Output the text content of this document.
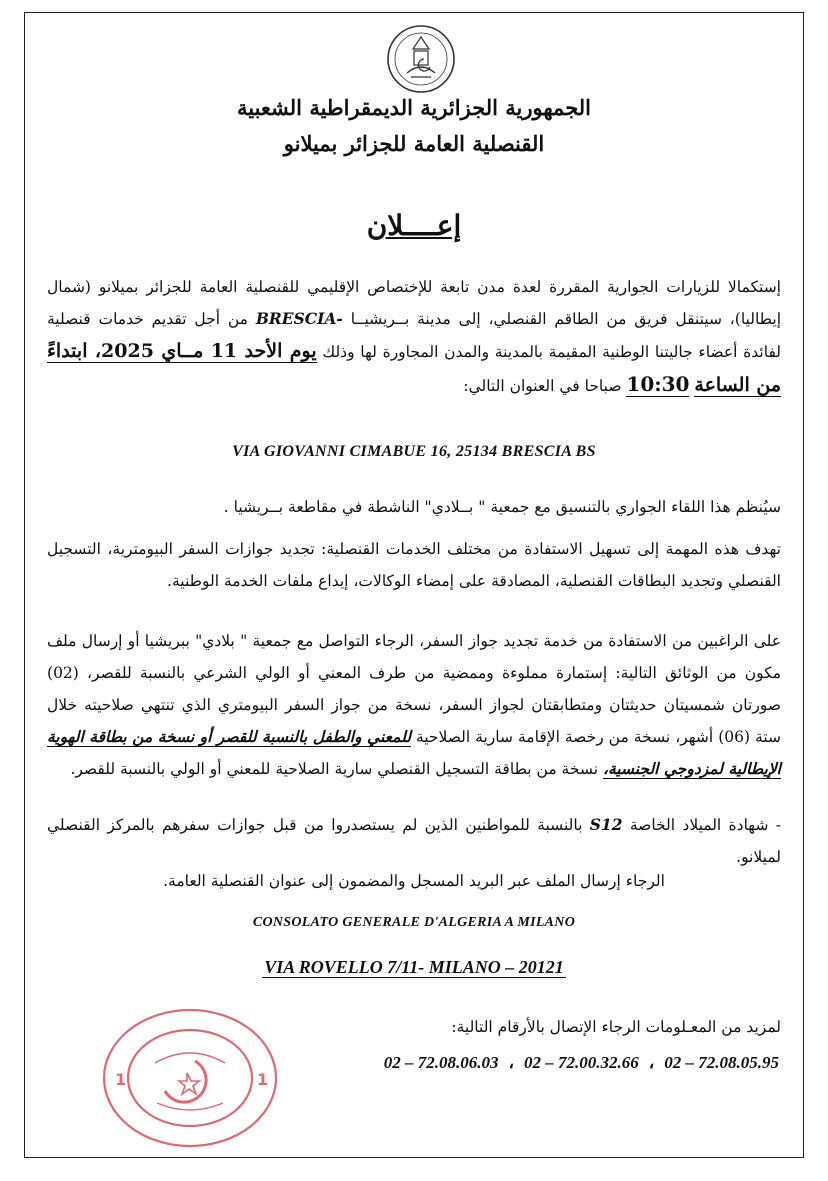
الجمهورية الجزائرية الديمقراطية الشعبية
القنصلية العامة للجزائر بميلانو
إعــــلان
إستكمالا للزيارات الجوارية المقررة لعدة مدن تابعة للإختصاص الإقليمي للقنصلية العامة للجزائر بميلانو (شمال إيطاليا)، سيتنقل فريق من الطاقم القنصلي، إلى مدينة بــريشيــا BRESCIA- من أجل تقديم خدمات قنصلية لفائدة أعضاء جاليتنا الوطنية المقيمة بالمدينة والمدن المجاورة لها وذلك يوم الأحد 11 مــاي 2025، ابتداءً من الساعة 10:30 صباحا في العنوان التالي:
VIA GIOVANNI CIMABUE 16, 25134 BRESCIA BS
سيُنظم هذا اللقاء الجواري بالتنسيق مع جمعية " بــلادي" الناشطة في مقاطعة بــريشيا .
تهدف هذه المهمة إلى تسهيل الاستفادة من مختلف الخدمات القنصلية: تجديد جوازات السفر البيومترية، التسجيل القنصلي وتجديد البطاقات القنصلية، المصادقة على إمضاء الوكالات، إيداع ملفات الخدمة الوطنية.
على الراغبين من الاستفادة من خدمة تجديد جواز السفر، الرجاء التواصل مع جمعية " بلادي" ببريشيا أو إرسال ملف مكون من الوثائق التالية: إستمارة مملوءة وممضية من طرف المعني أو الولي الشرعي بالنسبة للقصر، (02) صورتان شمسيتان حديثتان ومتطابقتان لجواز السفر، نسخة من جواز السفر البيومتري الذي تنتهي صلاحيته خلال ستة (06) أشهر، نسخة من رخصة الإقامة سارية الصلاحية للمعني والطفل بالنسبة للقصر أو نسخة من بطاقة الهوية الإيطالية لمزدوجي الجنسية، نسخة من بطاقة التسجيل القنصلي سارية الصلاحية للمعني أو الولي بالنسبة للقصر.
- شهادة الميلاد الخاصة S12 بالنسبة للمواطنين الذين لم يستصدروا من قبل جوازات سفرهم بالمركز القنصلي لميلانو.
الرجاء إرسال الملف عبر البريد المسجل والمضمون إلى عنوان القنصلية العامة.
CONSOLATO GENERALE D'ALGERIA A MILANO
VIA ROVELLO 7/11- MILANO – 20121
لمزيد من المعـلومات الرجاء الإتصال بالأرقام التالية:
02 – 72.08.06.03 ، 02 – 72.00.32.66 ، 02 – 72.08.05.95
1	1
